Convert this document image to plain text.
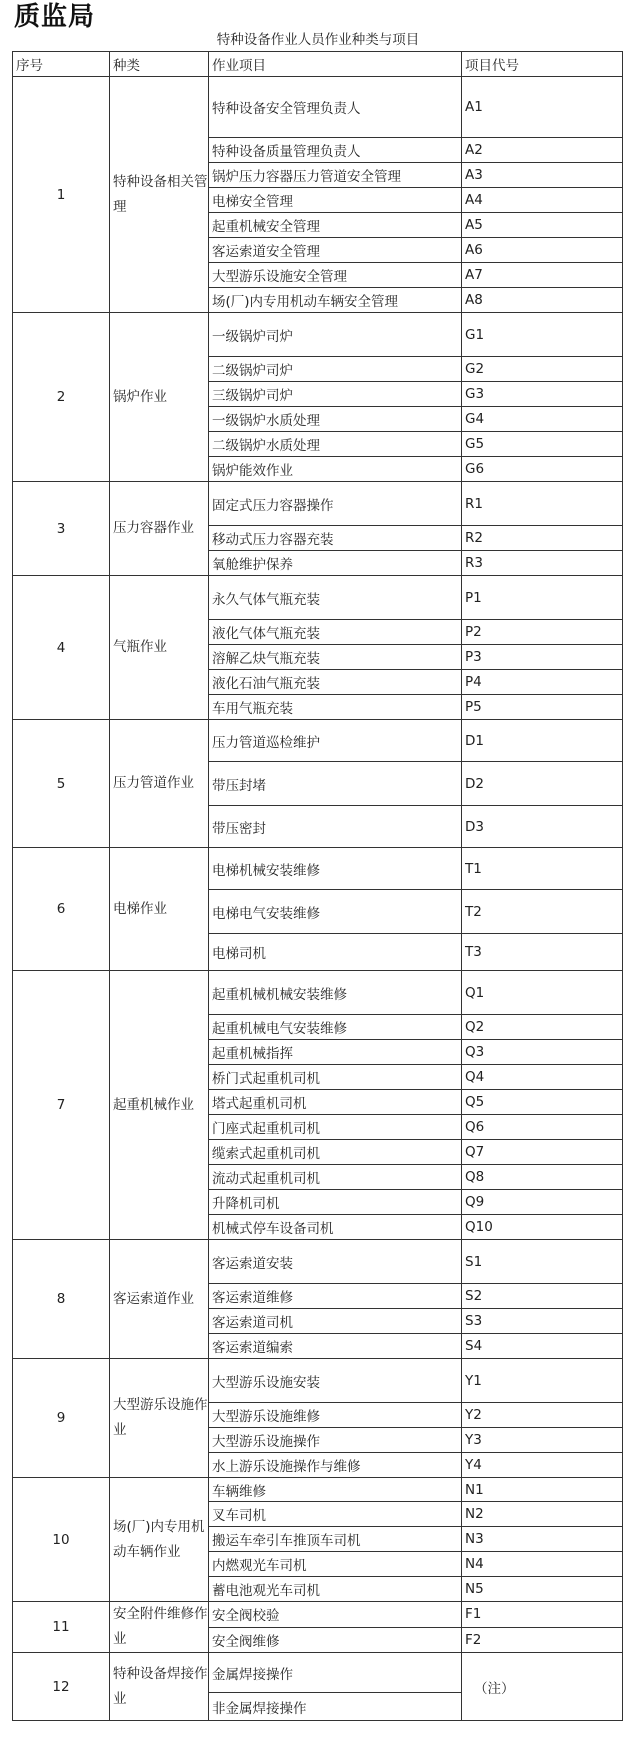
质监局
特种设备作业人员作业种类与项目
序号	种类	作业项目	项目代号
1	特种设备相关管理	特种设备安全管理负责人	A1
		特种设备质量管理负责人	A2
		锅炉压力容器压力管道安全管理	A3
		电梯安全管理	A4
		起重机械安全管理	A5
		客运索道安全管理	A6
		大型游乐设施安全管理	A7
		场(厂)内专用机动车辆安全管理	A8
2	锅炉作业	一级锅炉司炉	G1
		二级锅炉司炉	G2
		三级锅炉司炉	G3
		一级锅炉水质处理	G4
		二级锅炉水质处理	G5
		锅炉能效作业	G6
3	压力容器作业	固定式压力容器操作	R1
		移动式压力容器充装	R2
		氧舱维护保养	R3
4	气瓶作业	永久气体气瓶充装	P1
		液化气体气瓶充装	P2
		溶解乙炔气瓶充装	P3
		液化石油气瓶充装	P4
		车用气瓶充装	P5
5	压力管道作业	压力管道巡检维护	D1
		带压封堵	D2
		带压密封	D3
6	电梯作业	电梯机械安装维修	T1
		电梯电气安装维修	T2
		电梯司机	T3
7	起重机械作业	起重机械机械安装维修	Q1
		起重机械电气安装维修	Q2
		起重机械指挥	Q3
		桥门式起重机司机	Q4
		塔式起重机司机	Q5
		门座式起重机司机	Q6
		缆索式起重机司机	Q7
		流动式起重机司机	Q8
		升降机司机	Q9
		机械式停车设备司机	Q10
8	客运索道作业	客运索道安装	S1
		客运索道维修	S2
		客运索道司机	S3
		客运索道编索	S4
9	大型游乐设施作业	大型游乐设施安装	Y1
		大型游乐设施维修	Y2
		大型游乐设施操作	Y3
		水上游乐设施操作与维修	Y4
10	场(厂)内专用机动车辆作业	车辆维修	N1
		叉车司机	N2
		搬运车牵引车推顶车司机	N3
		内燃观光车司机	N4
		蓄电池观光车司机	N5
11	安全附件维修作业	安全阀校验	F1
		安全阀维修	F2
12	特种设备焊接作业	金属焊接操作	（注）
		非金属焊接操作	
